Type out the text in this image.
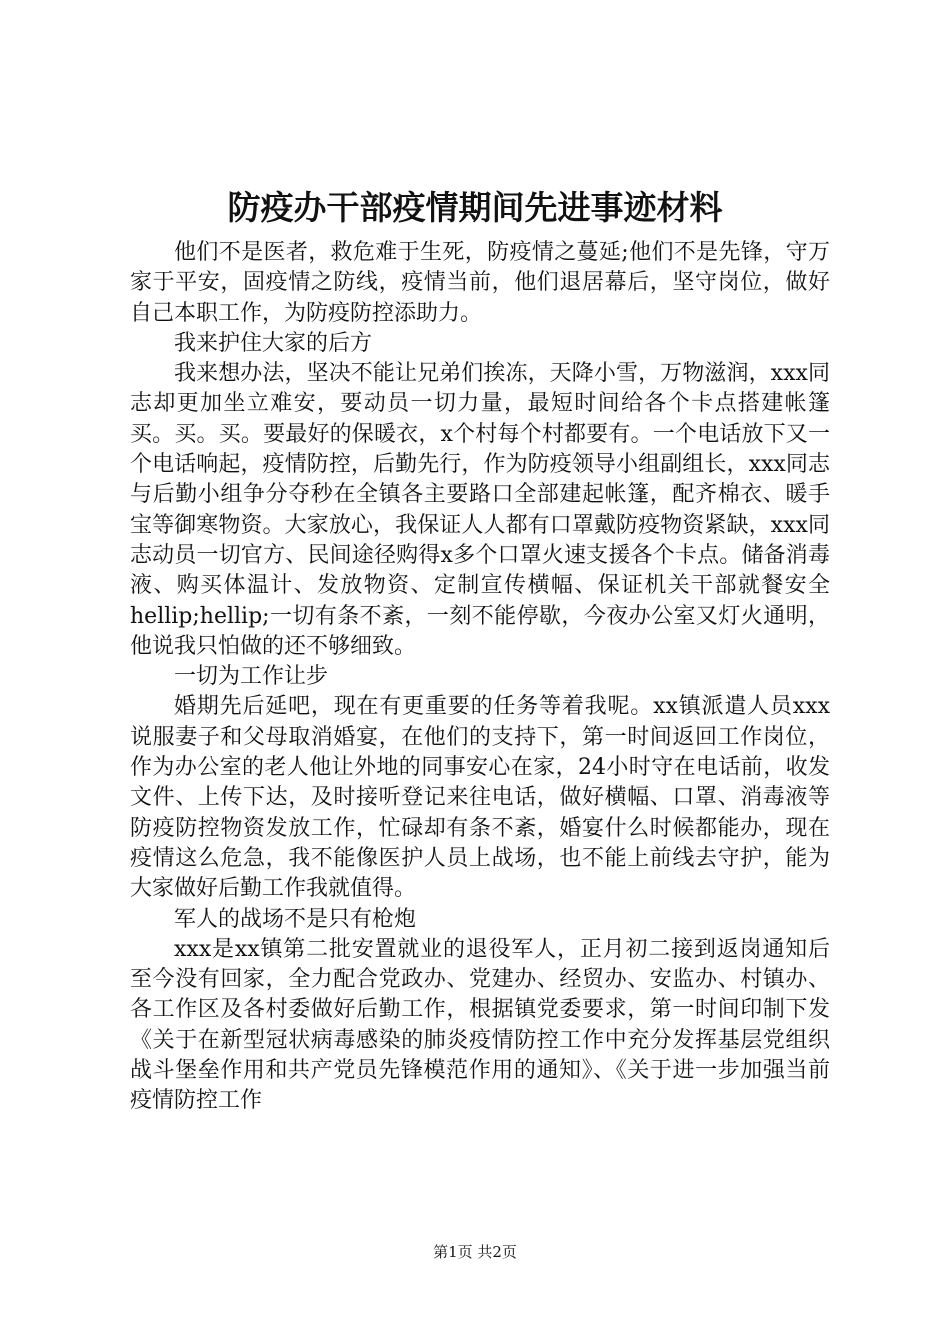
防疫办干部疫情期间先进事迹材料

他们不是医者，救危难于生死，防疫情之蔓延;他们不是先锋，守万家于平安，固疫情之防线，疫情当前，他们退居幕后，坚守岗位，做好自己本职工作，为防疫防控添助力。

我来护住大家的后方

我来想办法，坚决不能让兄弟们挨冻，天降小雪，万物滋润，xxx同志却更加坐立难安，要动员一切力量，最短时间给各个卡点搭建帐篷买。买。买。要最好的保暖衣，x个村每个村都要有。一个电话放下又一个电话响起，疫情防控，后勤先行，作为防疫领导小组副组长，xxx同志与后勤小组争分夺秒在全镇各主要路口全部建起帐篷，配齐棉衣、暖手宝等御寒物资。大家放心，我保证人人都有口罩戴防疫物资紧缺，xxx同志动员一切官方、民间途径购得x多个口罩火速支援各个卡点。储备消毒液、购买体温计、发放物资、定制宣传横幅、保证机关干部就餐安全hellip;hellip;一切有条不紊，一刻不能停歇，今夜办公室又灯火通明，他说我只怕做的还不够细致。

一切为工作让步

婚期先后延吧，现在有更重要的任务等着我呢。xx镇派遣人员xxx说服妻子和父母取消婚宴，在他们的支持下，第一时间返回工作岗位，作为办公室的老人他让外地的同事安心在家，24小时守在电话前，收发文件、上传下达，及时接听登记来往电话，做好横幅、口罩、消毒液等防疫防控物资发放工作，忙碌却有条不紊，婚宴什么时候都能办，现在疫情这么危急，我不能像医护人员上战场，也不能上前线去守护，能为大家做好后勤工作我就值得。

军人的战场不是只有枪炮

xxx是xx镇第二批安置就业的退役军人，正月初二接到返岗通知后至今没有回家，全力配合党政办、党建办、经贸办、安监办、村镇办、各工作区及各村委做好后勤工作，根据镇党委要求，第一时间印制下发《关于在新型冠状病毒感染的肺炎疫情防控工作中充分发挥基层党组织战斗堡垒作用和共产党员先锋模范作用的通知》、《关于进一步加强当前疫情防控工作

第1页 共2页
